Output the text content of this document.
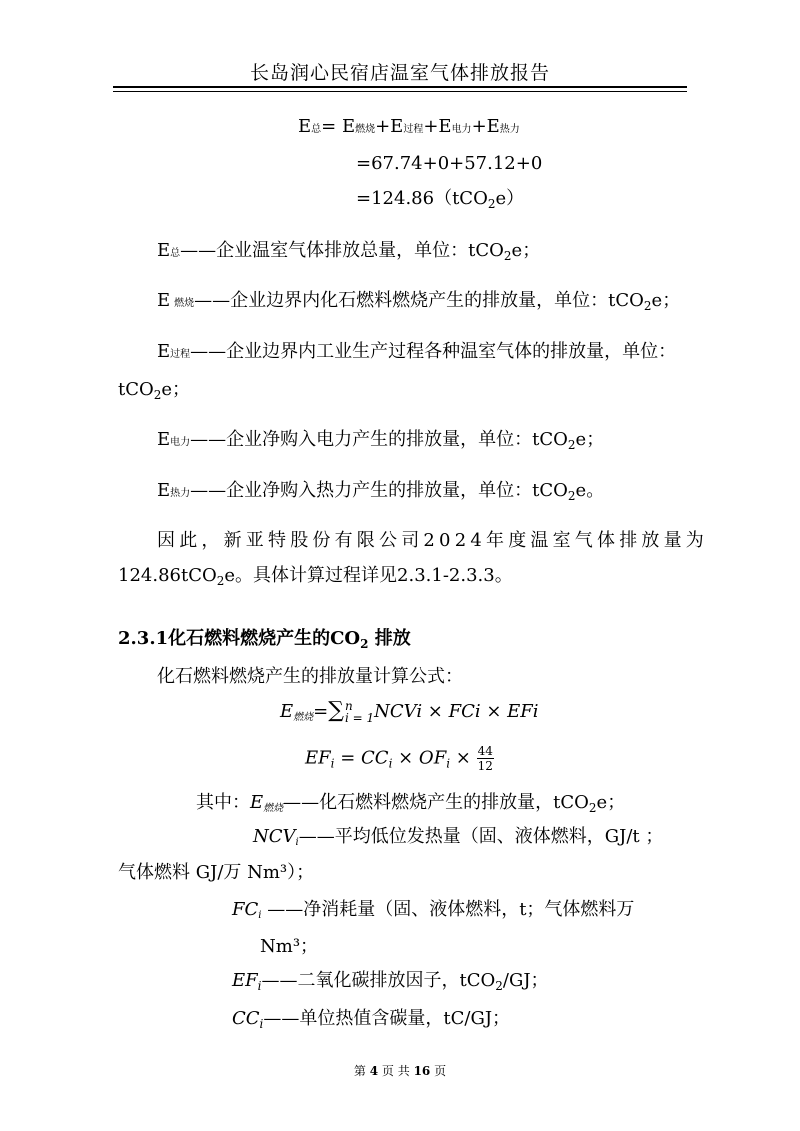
长岛润心民宿店温室气体排放报告
E总= E燃烧+E过程+E电力+E热力
=67.74+0+57.12+0
=124.86（tCO$_2$e）
E总——企业温室气体排放总量，单位：tCO$_2$e；
E燃烧——企业边界内化石燃料燃烧产生的排放量，单位：tCO$_2$e；
E过程——企业边界内工业生产过程各种温室气体的排放量，单位：
tCO$_2$e；
E电力——企业净购入电力产生的排放量，单位：tCO$_2$e；
E热力——企业净购入热力产生的排放量，单位：tCO$_2$e。
因此，新亚特股份有限公司2024年度温室气体排放量为
124.86tCO$_2$e。具体计算过程详见2.3.1-2.3.3。
2.3.1化石燃料燃烧产生的$CO_2$ 排放
化石燃料燃烧产生的排放量计算公式：
E燃烧=∑ n
i = 1 NCVi × FCi × EFi
$EF_i = CC_i \times OF_i \times \frac{44}{12}$
其中：E燃烧——化石燃料燃烧产生的排放量，tCO$_2$e；
NCVi——平均低位发热量（固、液体燃料，GJ/t ；
气体燃料 GJ/万 Nm³）；
FCi ——净消耗量（固、液体燃料，t；气体燃料万
Nm³；
$EF_i——$二氧化碳排放因子，tCO$_2$/GJ；
$CC_i——$单位热值含碳量，tC/GJ；
第 4 页 共 16 页
